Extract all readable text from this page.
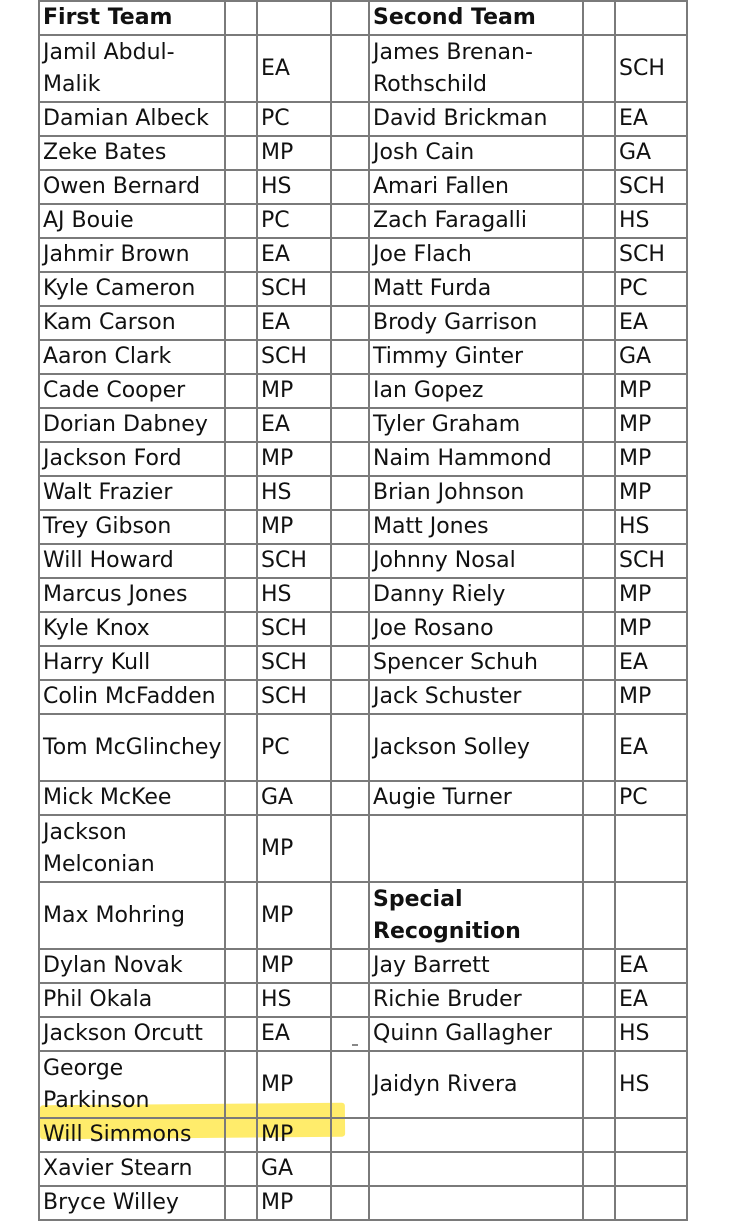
First Team				Second Team		
Jamil Abdul-Malik		EA		James Brenan-Rothschild		SCH
Damian Albeck		PC		David Brickman		EA
Zeke Bates		MP		Josh Cain		GA
Owen Bernard		HS		Amari Fallen		SCH
AJ Bouie		PC		Zach Faragalli		HS
Jahmir Brown		EA		Joe Flach		SCH
Kyle Cameron		SCH		Matt Furda		PC
Kam Carson		EA		Brody Garrison		EA
Aaron Clark		SCH		Timmy Ginter		GA
Cade Cooper		MP		Ian Gopez		MP
Dorian Dabney		EA		Tyler Graham		MP
Jackson Ford		MP		Naim Hammond		MP
Walt Frazier		HS		Brian Johnson		MP
Trey Gibson		MP		Matt Jones		HS
Will Howard		SCH		Johnny Nosal		SCH
Marcus Jones		HS		Danny Riely		MP
Kyle Knox		SCH		Joe Rosano		MP
Harry Kull		SCH		Spencer Schuh		EA
Colin McFadden		SCH		Jack Schuster		MP
Tom McGlinchey		PC		Jackson Solley		EA
Mick McKee		GA		Augie Turner		PC
Jackson Melconian		MP				
Max Mohring		MP		Special Recognition		
Dylan Novak		MP		Jay Barrett		EA
Phil Okala		HS		Richie Bruder		EA
Jackson Orcutt		EA		Quinn Gallagher		HS
George Parkinson		MP		Jaidyn Rivera		HS
Will Simmons		MP				
Xavier Stearn		GA				
Bryce Willey		MP				
